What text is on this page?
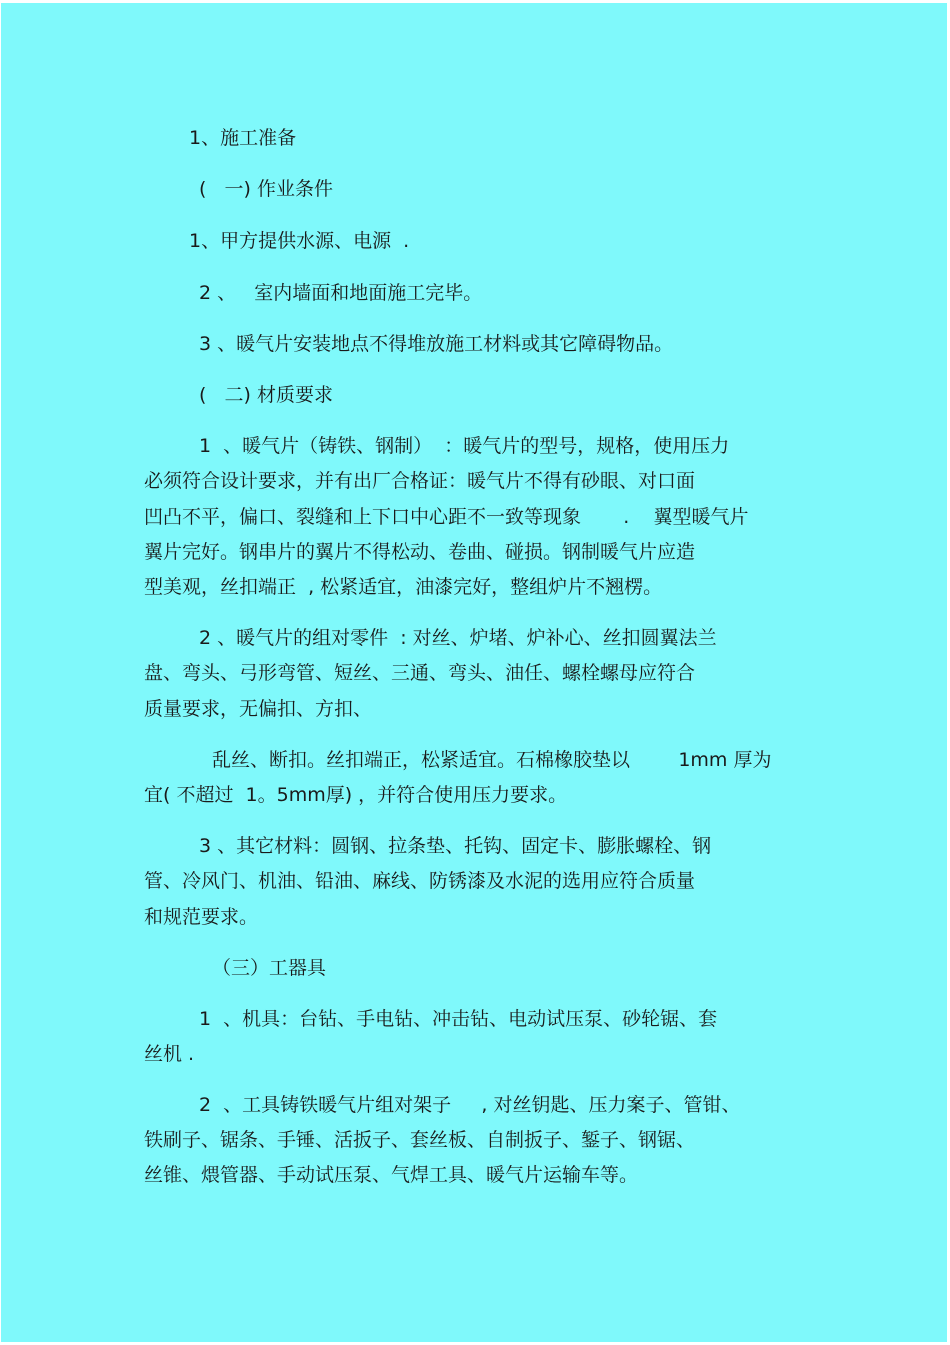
1、施工准备

(   一) 作业条件

1、甲方提供水源、电源  .

2 、   室内墙面和地面施工完毕。

3 、暖气片安装地点不得堆放施工材料或其它障碍物品。

(   二) 材质要求

1  、暖气片（铸铁、钢制）  ：暖气片的型号，规格，使用压力

必须符合设计要求，并有出厂合格证：暖气片不得有砂眼、对口面

凹凸不平，偏口、裂缝和上下口中心距不一致等现象       .    翼型暖气片

翼片完好。钢串片的翼片不得松动、卷曲、碰损。钢制暖气片应造

型美观，丝扣端正  , 松紧适宜，油漆完好，整组炉片不翘楞。

2 、暖气片的组对零件  : 对丝、炉堵、炉补心、丝扣圆翼法兰

盘、弯头、弓形弯管、短丝、三通、弯头、油任、螺栓螺母应符合

质量要求，无偏扣、方扣、

乱丝、断扣。丝扣端正，松紧适宜。石棉橡胶垫以        1mm 厚为

宜( 不超过  1。5mm厚) ，并符合使用压力要求。

3 、其它材料：圆钢、拉条垫、托钩、固定卡、膨胀螺栓、钢

管、冷风门、机油、铅油、麻线、防锈漆及水泥的选用应符合质量

和规范要求。

（三）工器具

1  、机具：台钻、手电钻、冲击钻、电动试压泵、砂轮锯、套

丝机 .

2  、工具铸铁暖气片组对架子     , 对丝钥匙、压力案子、管钳、

铁刷子、锯条、手锤、活扳子、套丝板、自制扳子、錾子、钢锯、

丝锥、煨管器、手动试压泵、气焊工具、暖气片运输车等。
